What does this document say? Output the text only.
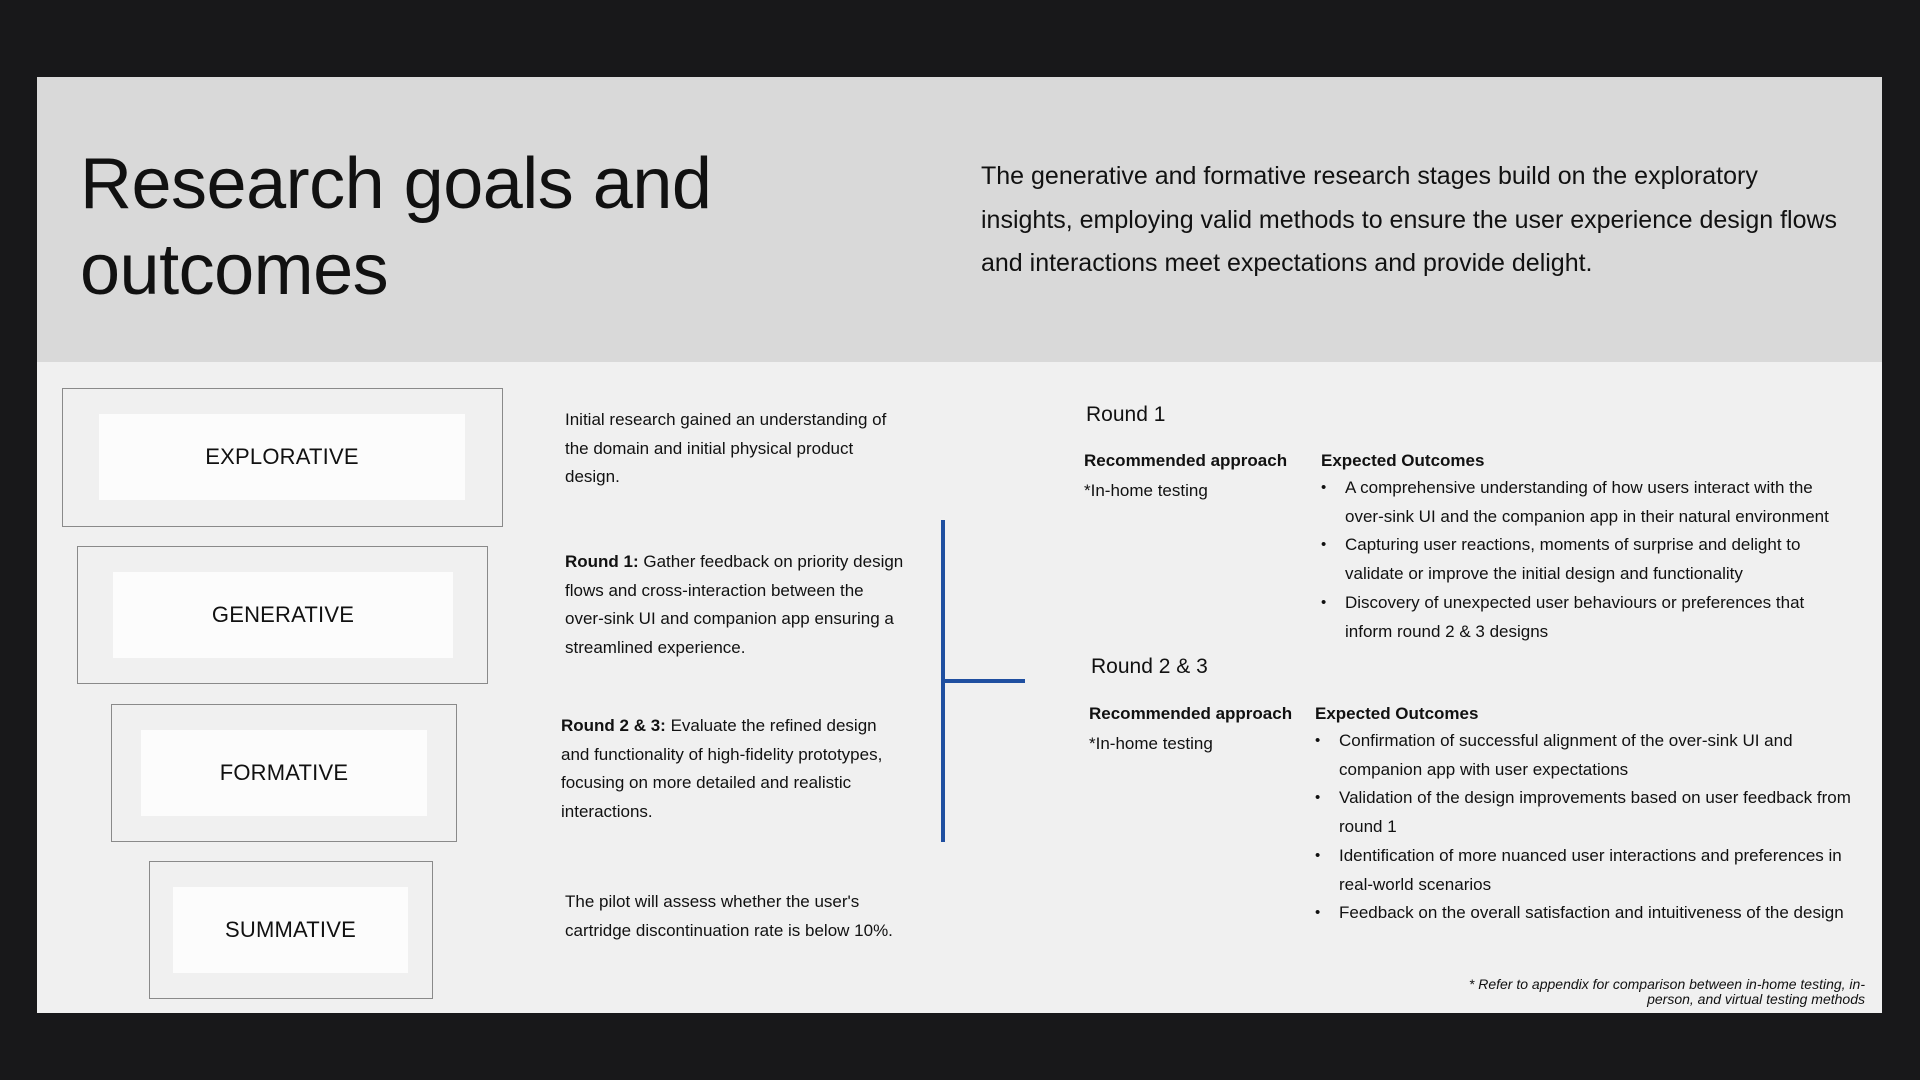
Research goals and outcomes

The generative and formative research stages build on the exploratory insights, employing valid methods to ensure the user experience design flows and interactions meet expectations and provide delight.

EXPLORATIVE
GENERATIVE
FORMATIVE
SUMMATIVE

Initial research gained an understanding of the domain and initial physical product design.

Round 1: Gather feedback on priority design flows and cross-interaction between the over-sink UI and companion app ensuring a streamlined experience.

Round 2 & 3: Evaluate the refined design and functionality of high-fidelity prototypes, focusing on more detailed and realistic interactions.

The pilot will assess whether the user's cartridge discontinuation rate is below 10%.

Round 1

Recommended approach

*In-home testing

Expected Outcomes

• A comprehensive understanding of how users interact with the over-sink UI and the companion app in their natural environment
• Capturing user reactions, moments of surprise and delight to validate or improve the initial design and functionality
• Discovery of unexpected user behaviours or preferences that inform round 2 & 3 designs

Round 2 & 3

Recommended approach

*In-home testing

Expected Outcomes

• Confirmation of successful alignment of the over-sink UI and companion app with user expectations
• Validation of the design improvements based on user feedback from round 1
• Identification of more nuanced user interactions and preferences in real-world scenarios
• Feedback on the overall satisfaction and intuitiveness of the design

* Refer to appendix for comparison between in-home testing, in-person, and virtual testing methods
